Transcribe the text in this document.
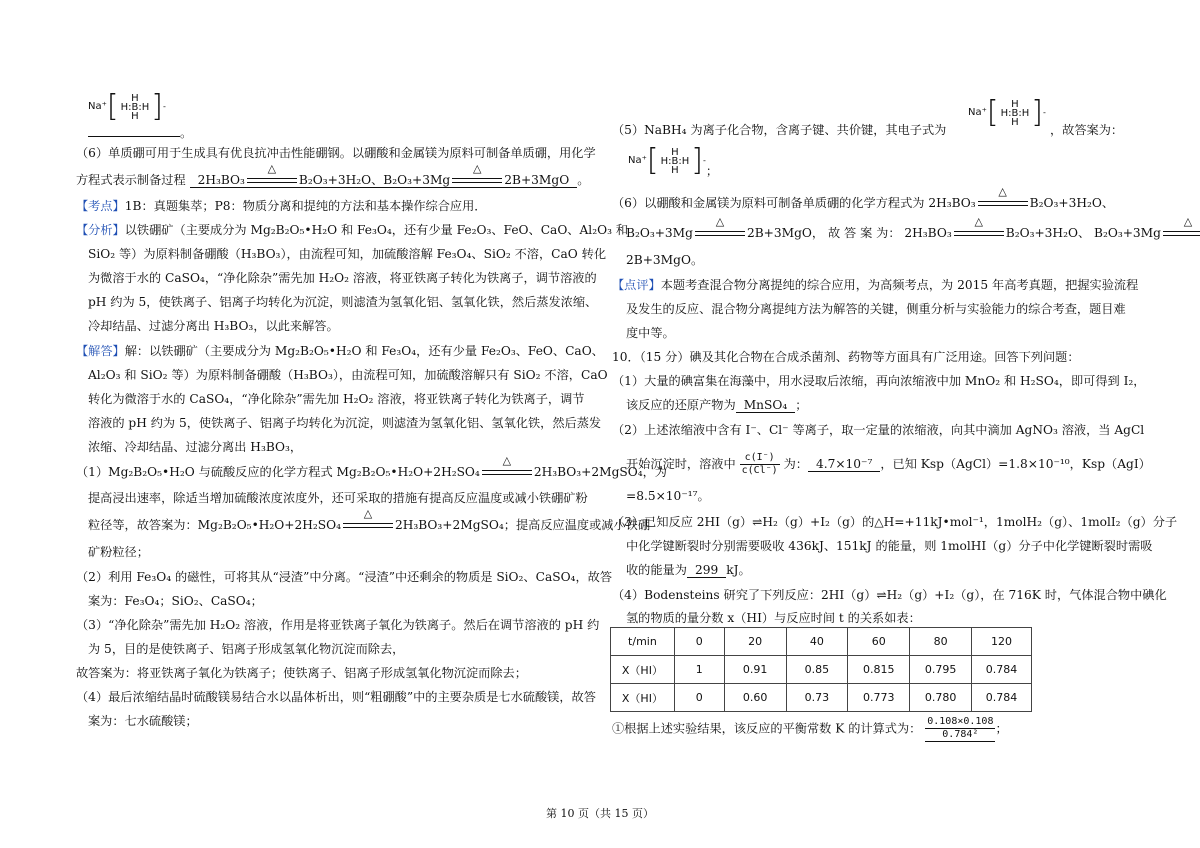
Na⁺ [	H
H:B:H
H ] -
。
（6）单质硼可用于生成具有优良抗冲击性能硼钢。以硼酸和金属镁为原料可制备单质硼，用化学
方程式表示制备过程 2H₃BO₃
△
B₂O₃+3H₂O、B₂O₃+3Mg
△
2B+3MgO 。
【考点】1B：真题集萃；P8：物质分离和提纯的方法和基本操作综合应用．
【分析】以铁硼矿（主要成分为 Mg₂B₂O₅•H₂O 和 Fe₃O₄，还有少量 Fe₂O₃、FeO、CaO、Al₂O₃ 和
SiO₂ 等）为原料制备硼酸（H₃BO₃），由流程可知，加硫酸溶解 Fe₃O₄、SiO₂ 不溶，CaO 转化
为微溶于水的 CaSO₄，“净化除杂”需先加 H₂O₂ 溶液，将亚铁离子转化为铁离子，调节溶液的
pH 约为 5，使铁离子、铝离子均转化为沉淀，则滤渣为氢氧化铝、氢氧化铁，然后蒸发浓缩、
冷却结晶、过滤分离出 H₃BO₃，以此来解答。
【解答】解：以铁硼矿（主要成分为 Mg₂B₂O₅•H₂O 和 Fe₃O₄，还有少量 Fe₂O₃、FeO、CaO、
Al₂O₃ 和 SiO₂ 等）为原料制备硼酸（H₃BO₃），由流程可知，加硫酸溶解只有 SiO₂ 不溶，CaO
转化为微溶于水的 CaSO₄，“净化除杂”需先加 H₂O₂ 溶液，将亚铁离子转化为铁离子，调节
溶液的 pH 约为 5，使铁离子、铝离子均转化为沉淀，则滤渣为氢氧化铝、氢氧化铁，然后蒸发
浓缩、冷却结晶、过滤分离出 H₃BO₃，
（1）Mg₂B₂O₅•H₂O 与硫酸反应的化学方程式 Mg₂B₂O₅•H₂O+2H₂SO₄
△
2H₃BO₃+2MgSO₄，为
提高浸出速率，除适当增加硫酸浓度浓度外，还可采取的措施有提高反应温度或减小铁硼矿粉
粒径等，故答案为：Mg₂B₂O₅•H₂O+2H₂SO₄
△
2H₃BO₃+2MgSO₄；提高反应温度或减小铁硼
矿粉粒径；
（2）利用 Fe₃O₄ 的磁性，可将其从“浸渣”中分离。“浸渣”中还剩余的物质是 SiO₂、CaSO₄，故答
案为：Fe₃O₄；SiO₂、CaSO₄；
（3）“净化除杂”需先加 H₂O₂ 溶液，作用是将亚铁离子氧化为铁离子。然后在调节溶液的 pH 约
为 5，目的是使铁离子、铝离子形成氢氧化物沉淀而除去，
故答案为：将亚铁离子氧化为铁离子；使铁离子、铝离子形成氢氧化物沉淀而除去；
（4）最后浓缩结晶时硫酸镁易结合水以晶体析出，则“粗硼酸”中的主要杂质是七水硫酸镁，故答
案为：七水硫酸镁；
（5）NaBH₄ 为离子化合物，含离子键、共价键，其电子式为
Na⁺ [	H
H:B:H
H ] -
，故答案为：
Na⁺ [	H
H:B:H
H ] -
；
（6）以硼酸和金属镁为原料可制备单质硼的化学方程式为 2H₃BO₃
△
B₂O₃+3H₂O、
B₂O₃+3Mg
△
2B+3MgO， 故 答 案 为： 2H₃BO₃
△
B₂O₃+3H₂O、 B₂O₃+3Mg
△
2B+3MgO。
【点评】本题考查混合物分离提纯的综合应用，为高频考点，为 2015 年高考真题，把握实验流程
及发生的反应、混合物分离提纯方法为解答的关键，侧重分析与实验能力的综合考查，题目难
度中等。
10．（15 分）碘及其化合物在合成杀菌剂、药物等方面具有广泛用途。回答下列问题：
（1）大量的碘富集在海藻中，用水浸取后浓缩，再向浓缩液中加 MnO₂ 和 H₂SO₄，即可得到 I₂，
该反应的还原产物为 MnSO₄ ；
（2）上述浓缩液中含有 I⁻、Cl⁻ 等离子，取一定量的浓缩液，向其中滴加 AgNO₃ 溶液，当 AgCl
开始沉淀时，溶液中 $\frac{c(I^-)}{c(Cl^-)}$ 为： 4.7×10⁻⁷ ，已知 Ksp（AgCl）=1.8×10⁻¹⁰，Ksp（AgI）
=8.5×10⁻¹⁷。
（3）已知反应 2HI（g）⇌H₂（g）+I₂（g）的△H=+11kJ•mol⁻¹，1molH₂（g）、1molI₂（g）分子
中化学键断裂时分别需要吸收 436kJ、151kJ 的能量，则 1molHI（g）分子中化学键断裂时需吸
收的能量为 299 kJ。
（4）Bodensteins 研究了下列反应：2HI（g）⇌H₂（g）+I₂（g），在 716K 时，气体混合物中碘化
氢的物质的量分数 x（HI）与反应时间 t 的关系如表：
t/min	0	20	40	60	80	120
X（HI）	1	0.91	0.85	0.815	0.795	0.784
X（HI）	0	0.60	0.73	0.773	0.780	0.784
①根据上述实验结果，该反应的平衡常数 K 的计算式为： $\frac{0.108\times 0.108}{\text{0.784²}}$ ；
第 10 页（共 15 页）
